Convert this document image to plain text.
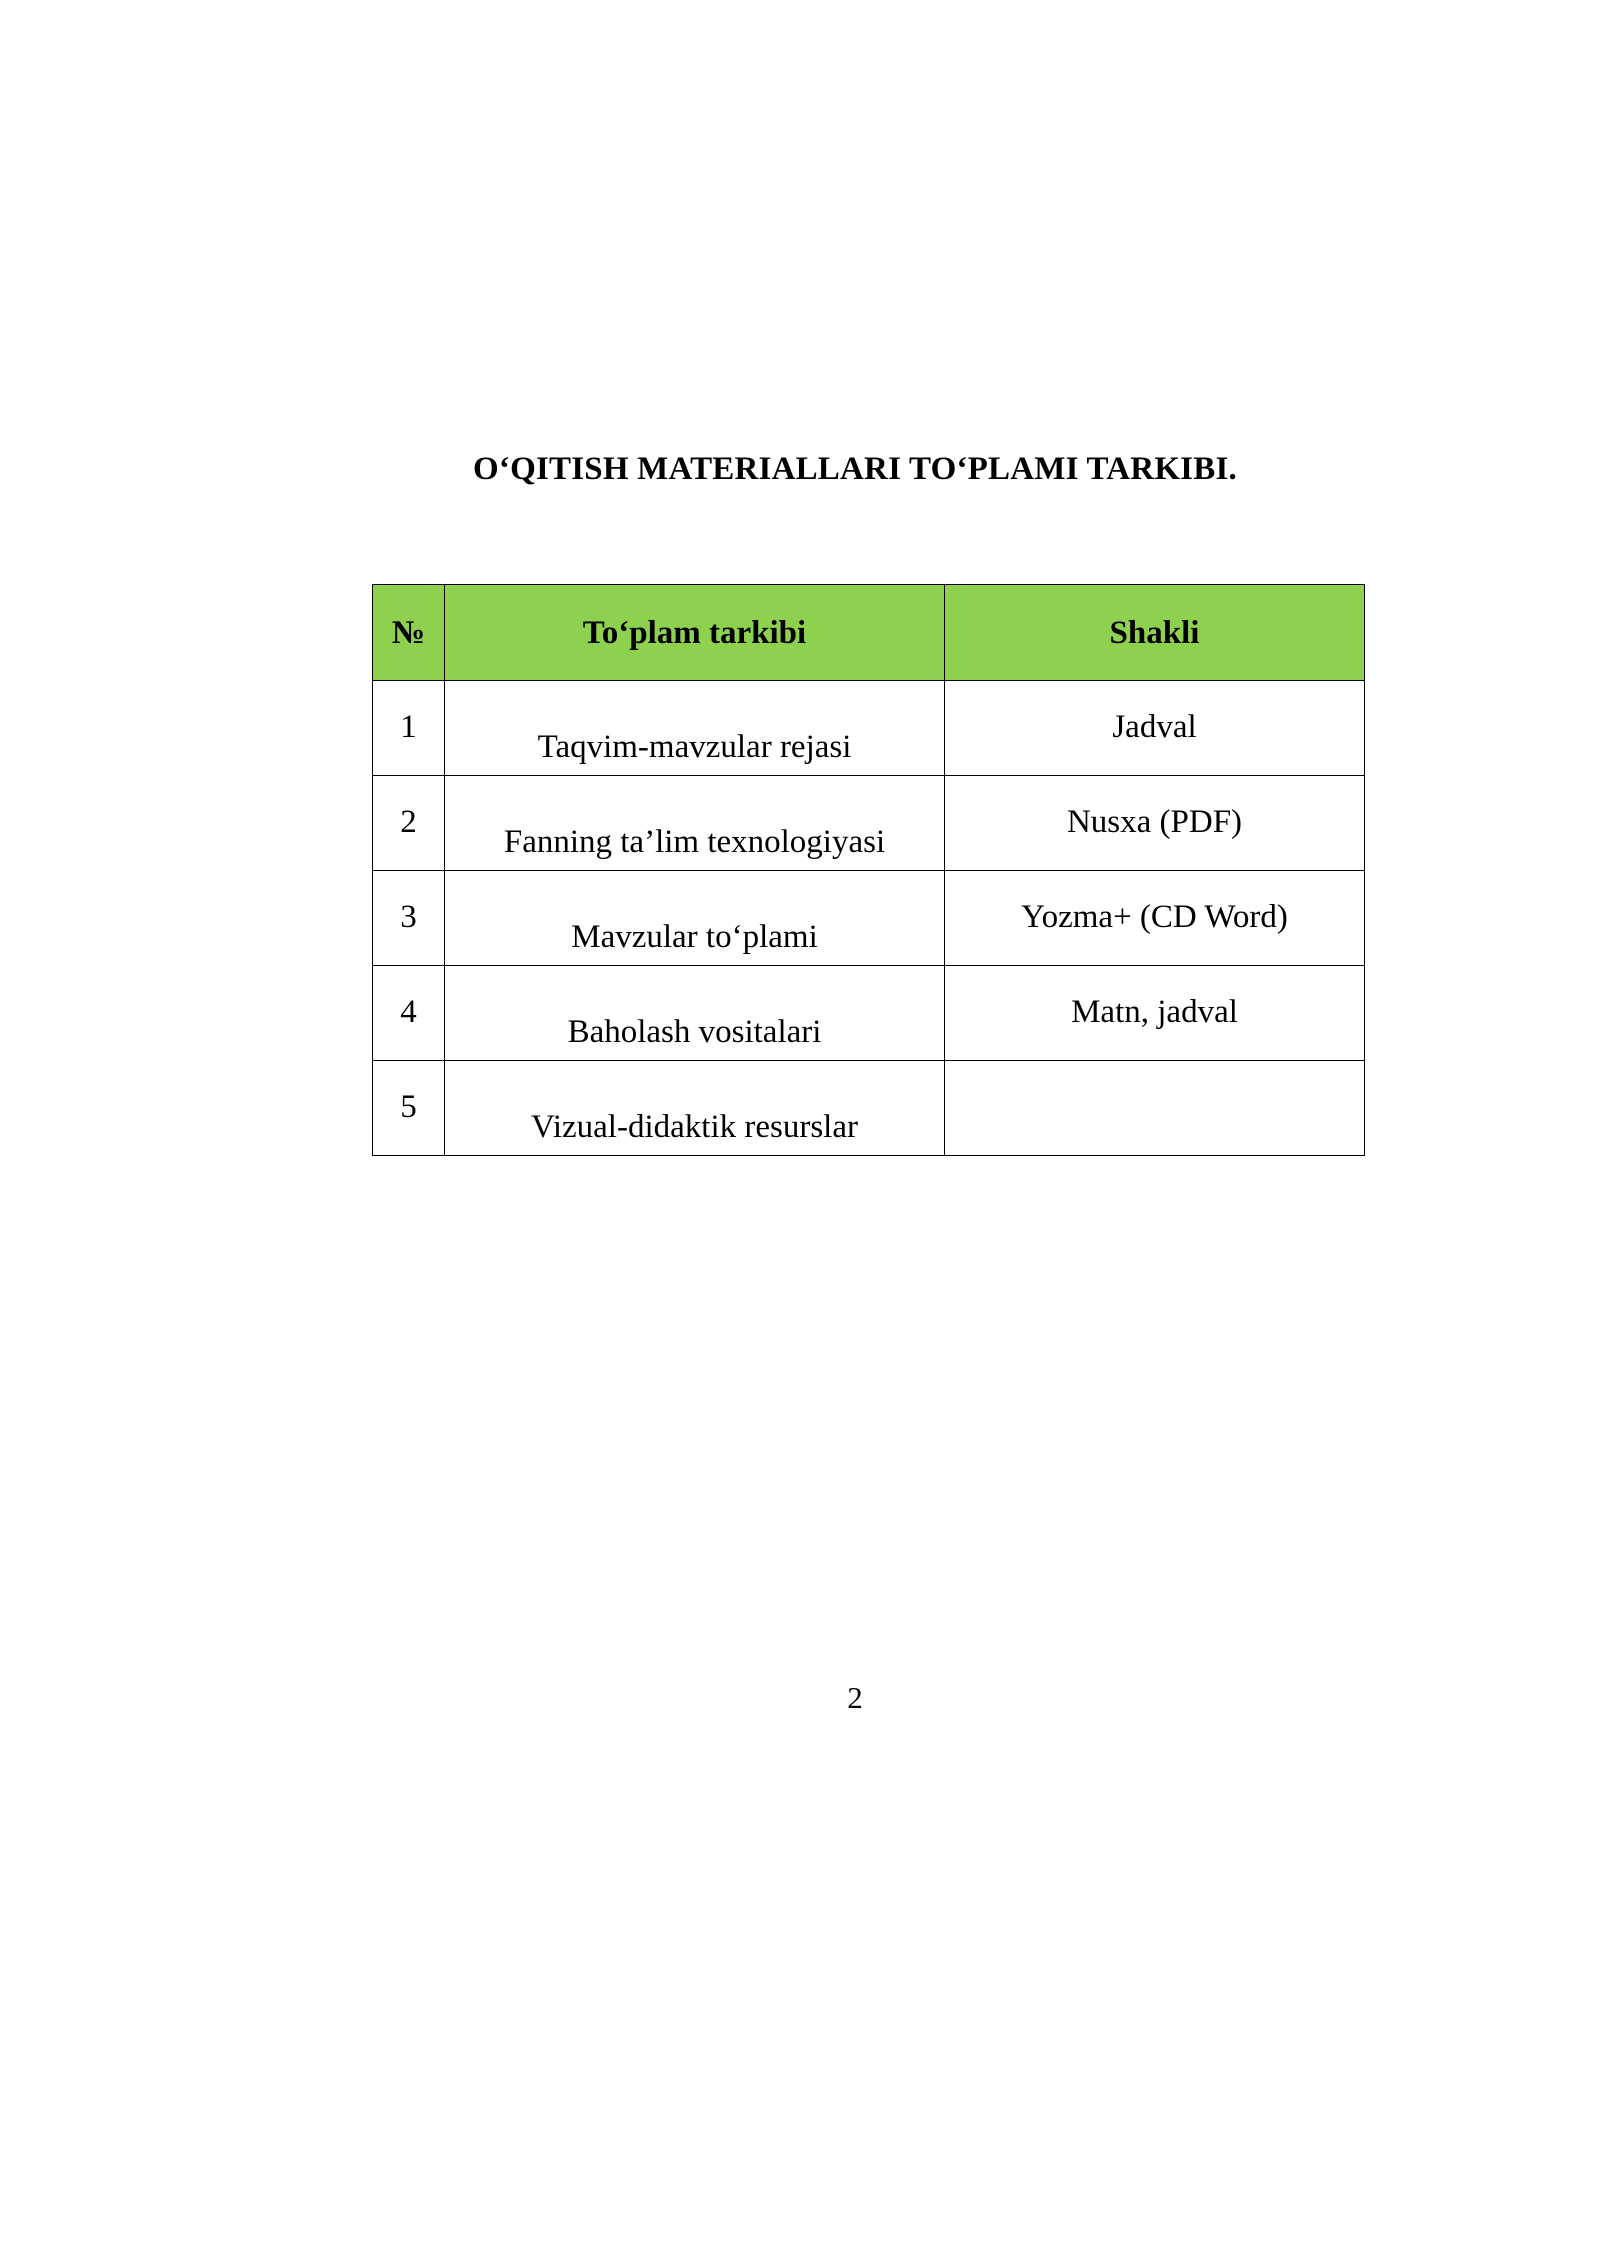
O‘QITISH MATERIALLARI TO‘PLAMI TARKIBI.
№	To‘plam tarkibi	Shakli
1	Taqvim-mavzular rejasi	Jadval
2	Fanning ta’lim texnologiyasi	Nusxa (PDF)
3	Mavzular to‘plami	Yozma+ (CD Word)
4	Baholash vositalari	Matn, jadval
5	Vizual-didaktik resurslar	
2
